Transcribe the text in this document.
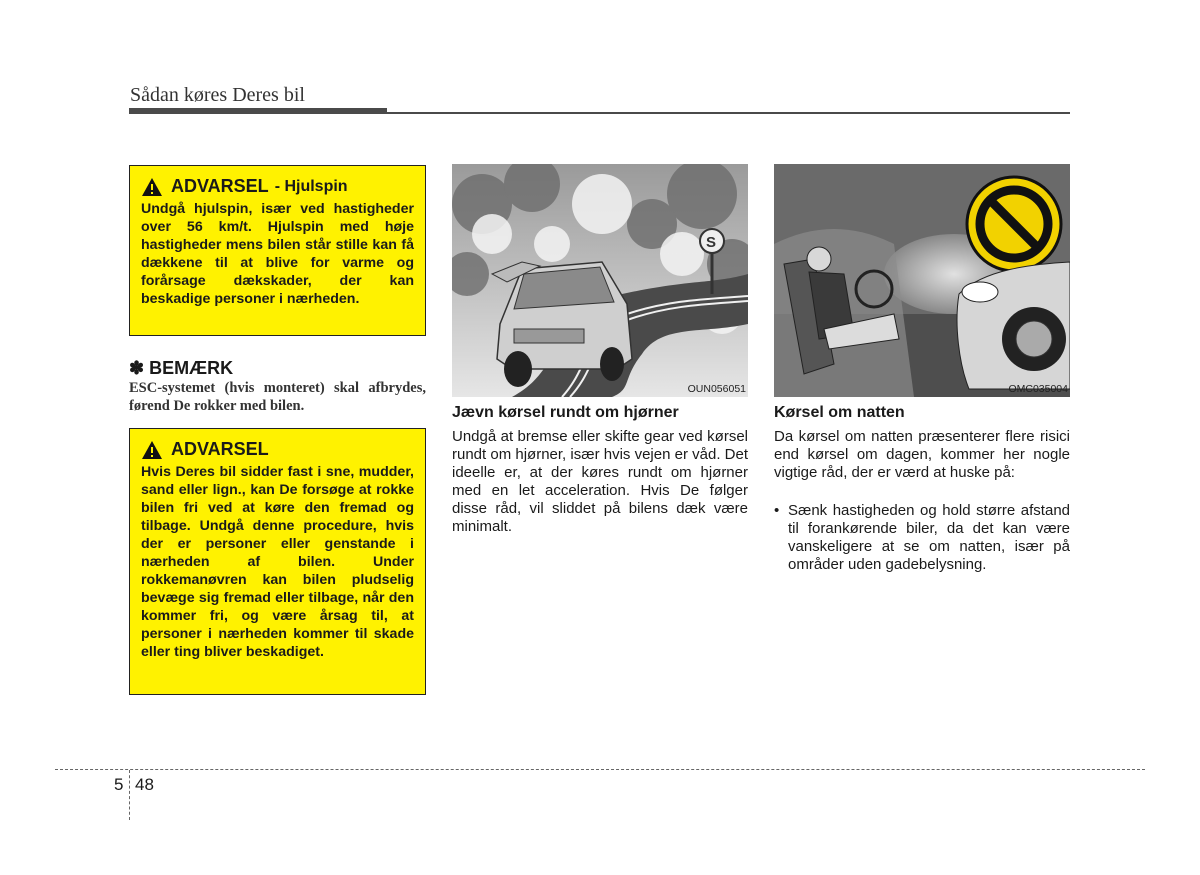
Sådan køres Deres bil
ADVARSEL - Hjulspin
Undgå hjulspin, især ved hastigheder over 56 km/t. Hjulspin med høje hastigheder mens bilen står stille kan få dækkene til at blive for varme og forårsage dækskader, der kan beskadige personer i nærheden.
✽ BEMÆRK
ESC-systemet (hvis monteret) skal afbrydes, førend De rokker med bilen.
ADVARSEL
Hvis Deres bil sidder fast i sne, mudder, sand eller lign., kan De forsøge at rokke bilen fri ved at køre den fremad og tilbage. Undgå denne procedure, hvis der er personer eller genstande i nærheden af bilen. Under rokkemanøvren kan bilen pludselig bevæge sig fremad eller tilbage, når den kommer fri, og være årsag til, at personer i nærheden kommer til skade eller ting bliver beskadiget.
S
OUN056051	OMC035004
Jævn kørsel rundt om hjørner
Undgå at bremse eller skifte gear ved kørsel rundt om hjørner, især hvis vejen er våd. Det ideelle er, at der køres rundt om hjørner med en let acceleration. Hvis De følger disse råd, vil sliddet på bilens dæk være minimalt.
Kørsel om natten
Da kørsel om natten præsenterer flere risici end kørsel om dagen, kommer her nogle vigtige råd, der er værd at huske på:
• Sænk hastigheden og hold større afstand til forankørende biler, da det kan være vanskeligere at se om natten, især på områder uden gadebelysning.
5 48
